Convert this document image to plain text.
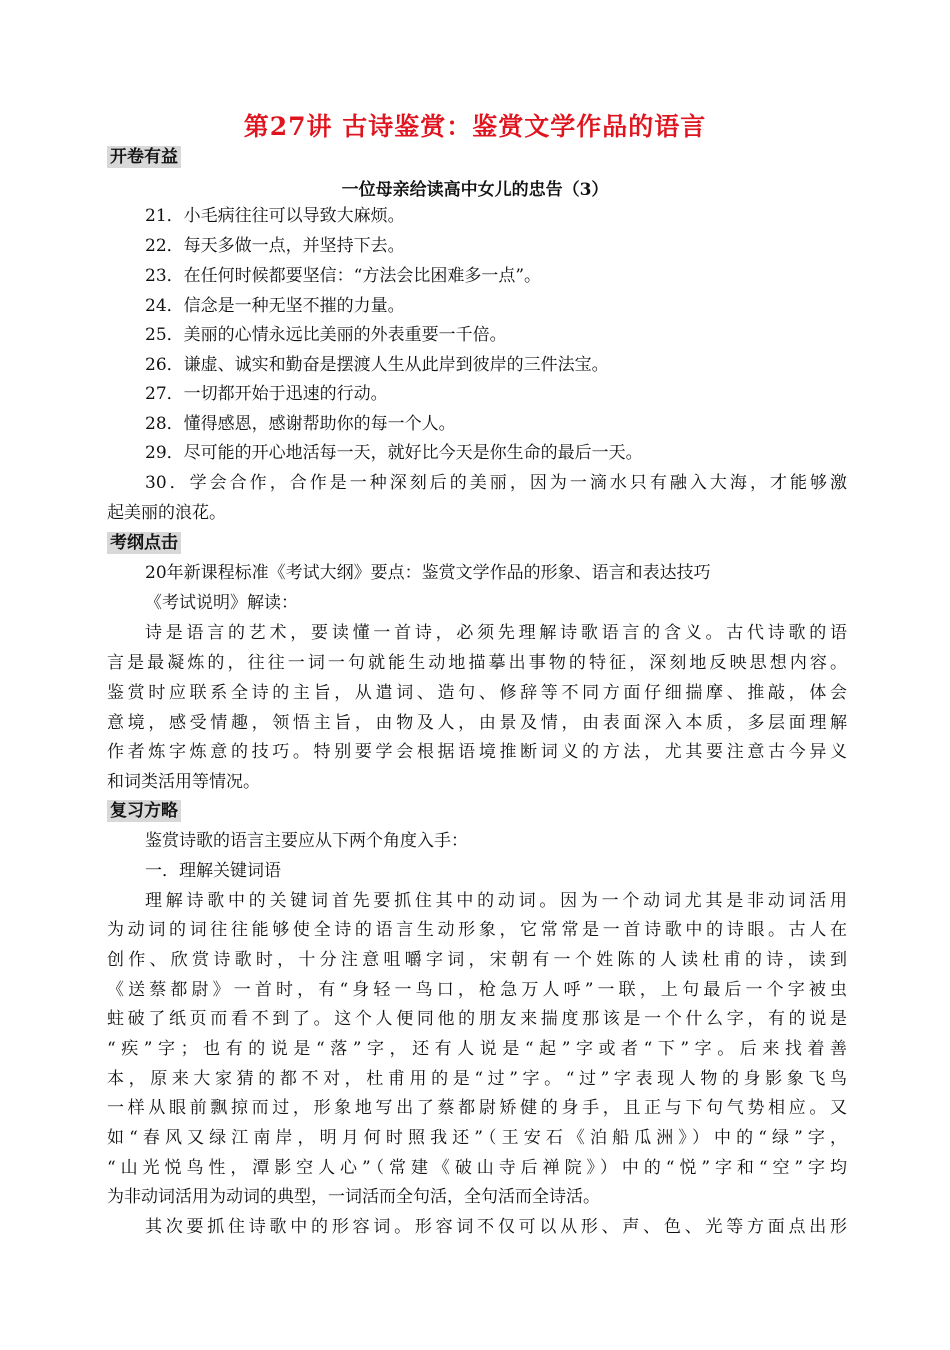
第27讲 古诗鉴赏：鉴赏文学作品的语言
开卷有益
一位母亲给读高中女儿的忠告（3）
21．小毛病往往可以导致大麻烦。
22．每天多做一点，并坚持下去。
23．在任何时候都要坚信：“方法会比困难多一点”。
24．信念是一种无坚不摧的力量。
25．美丽的心情永远比美丽的外表重要一千倍。
26．谦虚、诚实和勤奋是摆渡人生从此岸到彼岸的三件法宝。
27．一切都开始于迅速的行动。
28．懂得感恩，感谢帮助你的每一个人。
29．尽可能的开心地活每一天，就好比今天是你生命的最后一天。
30．学会合作，合作是一种深刻后的美丽，因为一滴水只有融入大海，才能够激
起美丽的浪花。
考纲点击
20年新课程标准《考试大纲》要点：鉴赏文学作品的形象、语言和表达技巧
《考试说明》解读：
诗是语言的艺术，要读懂一首诗，必须先理解诗歌语言的含义。古代诗歌的语
言是最凝炼的，往往一词一句就能生动地描摹出事物的特征，深刻地反映思想内容。
鉴赏时应联系全诗的主旨，从遣词、造句、修辞等不同方面仔细揣摩、推敲，体会
意境，感受情趣，领悟主旨，由物及人，由景及情，由表面深入本质，多层面理解
作者炼字炼意的技巧。特别要学会根据语境推断词义的方法，尤其要注意古今异义
和词类活用等情况。
复习方略
鉴赏诗歌的语言主要应从下两个角度入手：
一．理解关键词语
理解诗歌中的关键词首先要抓住其中的动词。因为一个动词尤其是非动词活用
为动词的词往往能够使全诗的语言生动形象，它常常是一首诗歌中的诗眼。古人在
创作、欣赏诗歌时，十分注意咀嚼字词，宋朝有一个姓陈的人读杜甫的诗，读到
《送蔡都尉》一首时，有“身轻一鸟口，枪急万人呼”一联，上句最后一个字被虫
蛀破了纸页而看不到了。这个人便同他的朋友来揣度那该是一个什么字，有的说是
“疾”字；也有的说是“落”字，还有人说是“起”字或者“下”字。后来找着善
本，原来大家猜的都不对，杜甫用的是“过”字。“过”字表现人物的身影象飞鸟
一样从眼前飘掠而过，形象地写出了蔡都尉矫健的身手，且正与下句气势相应。又
如“春风又绿江南岸，明月何时照我还”（王安石《泊船瓜洲》）中的“绿”字，
“山光悦鸟性，潭影空人心”（常建《破山寺后禅院》）中的“悦”字和“空”字均
为非动词活用为动词的典型，一词活而全句活，全句活而全诗活。
其次要抓住诗歌中的形容词。形容词不仅可以从形、声、色、光等方面点出形
